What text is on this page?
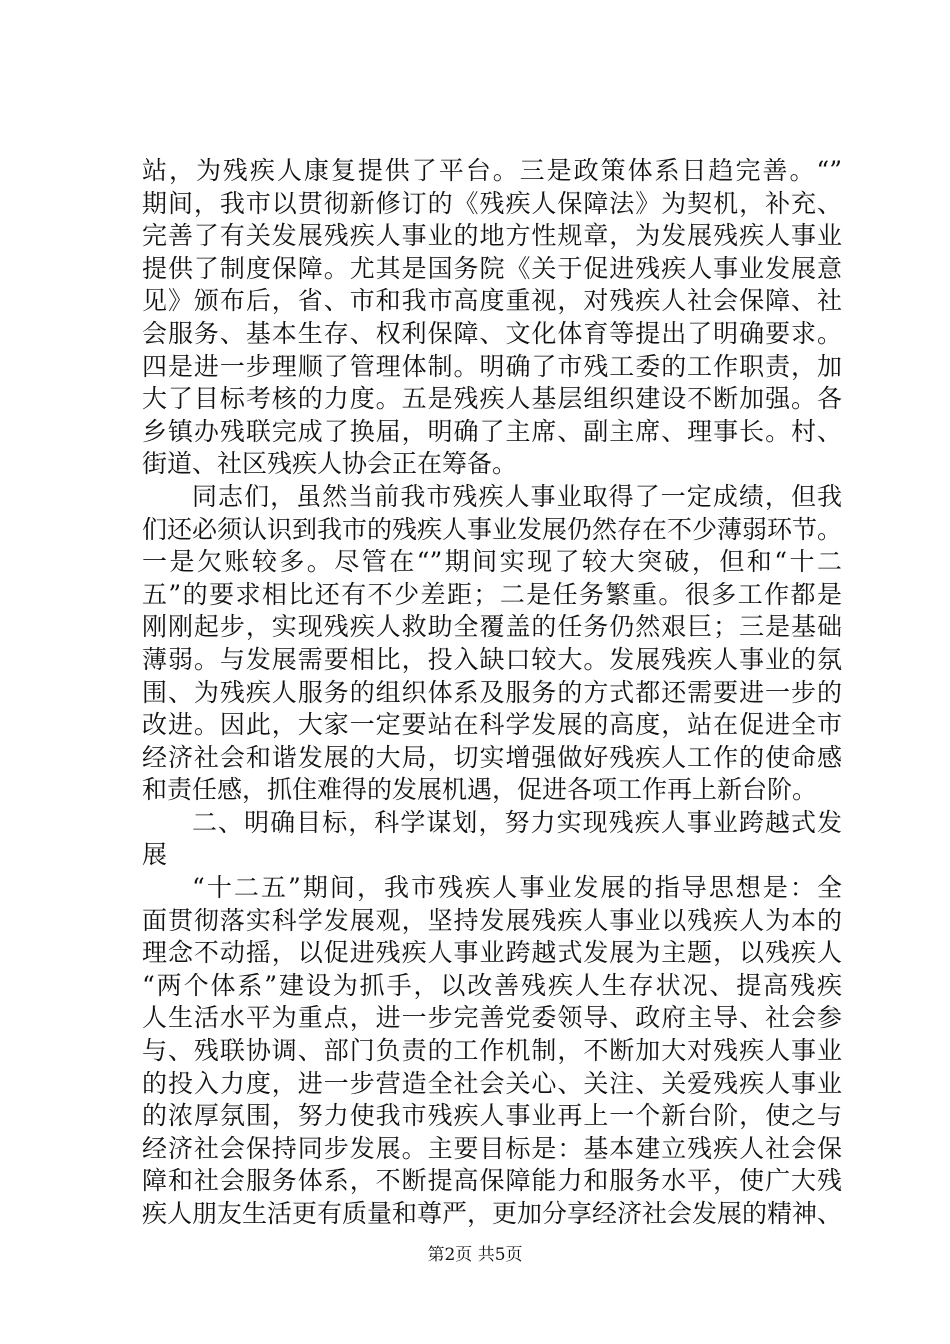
站，为残疾人康复提供了平台。三是政策体系日趋完善。“”
期间，我市以贯彻新修订的《残疾人保障法》为契机，补充、
完善了有关发展残疾人事业的地方性规章，为发展残疾人事业
提供了制度保障。尤其是国务院《关于促进残疾人事业发展意
见》颁布后，省、市和我市高度重视，对残疾人社会保障、社
会服务、基本生存、权利保障、文化体育等提出了明确要求。
四是进一步理顺了管理体制。明确了市残工委的工作职责，加
大了目标考核的力度。五是残疾人基层组织建设不断加强。各
乡镇办残联完成了换届，明确了主席、副主席、理事长。村、
街道、社区残疾人协会正在筹备。
同志们，虽然当前我市残疾人事业取得了一定成绩，但我
们还必须认识到我市的残疾人事业发展仍然存在不少薄弱环节。
一是欠账较多。尽管在“”期间实现了较大突破，但和“十二
五”的要求相比还有不少差距；二是任务繁重。很多工作都是
刚刚起步，实现残疾人救助全覆盖的任务仍然艰巨；三是基础
薄弱。与发展需要相比，投入缺口较大。发展残疾人事业的氛
围、为残疾人服务的组织体系及服务的方式都还需要进一步的
改进。因此，大家一定要站在科学发展的高度，站在促进全市
经济社会和谐发展的大局，切实增强做好残疾人工作的使命感
和责任感，抓住难得的发展机遇，促进各项工作再上新台阶。
二、明确目标，科学谋划，努力实现残疾人事业跨越式发
展
“十二五”期间，我市残疾人事业发展的指导思想是：全
面贯彻落实科学发展观，坚持发展残疾人事业以残疾人为本的
理念不动摇，以促进残疾人事业跨越式发展为主题，以残疾人
“两个体系”建设为抓手，以改善残疾人生存状况、提高残疾
人生活水平为重点，进一步完善党委领导、政府主导、社会参
与、残联协调、部门负责的工作机制，不断加大对残疾人事业
的投入力度，进一步营造全社会关心、关注、关爱残疾人事业
的浓厚氛围，努力使我市残疾人事业再上一个新台阶，使之与
经济社会保持同步发展。主要目标是：基本建立残疾人社会保
障和社会服务体系，不断提高保障能力和服务水平，使广大残
疾人朋友生活更有质量和尊严，更加分享经济社会发展的精神、
第2页 共5页
